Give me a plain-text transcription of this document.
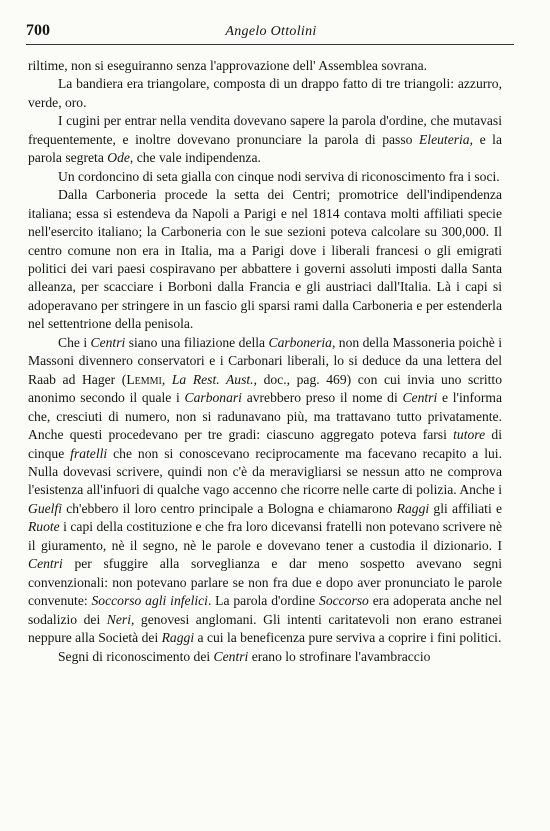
700	Angelo Ottolini

riltime, non si eseguiranno senza l'approvazione dell' Assemblea sovrana.

La bandiera era triangolare, composta di un drappo fatto di tre triangoli: azzurro, verde, oro.

I cugini per entrar nella vendita dovevano sapere la parola d'ordine, che mutavasi frequentemente, e inoltre dovevano pronunciare la parola di passo Eleuteria, e la parola segreta Ode, che vale indipendenza.

Un cordoncino di seta gialla con cinque nodi serviva di riconoscimento fra i soci.

Dalla Carboneria procede la setta dei Centri; promotrice dell'indipendenza italiana; essa si estendeva da Napoli a Parigi e nel 1814 contava molti affiliati specie nell'esercito italiano; la Carboneria con le sue sezioni poteva calcolare su 300,000. Il centro comune non era in Italia, ma a Parigi dove i liberali francesi o gli emigrati politici dei vari paesi cospiravano per abbattere i governi assoluti imposti dalla Santa alleanza, per scacciare i Borboni dalla Francia e gli austriaci dall'Italia. Là i capi si adoperavano per stringere in un fascio gli sparsi rami dalla Carboneria e per estenderla nel settentrione della penisola.

Che i Centri siano una filiazione della Carboneria, non della Massoneria poichè i Massoni divennero conservatori e i Carbonari liberali, lo si deduce da una lettera del Raab ad Hager (Lemmi, La Rest. Aust., doc., pag. 469) con cui invia uno scritto anonimo secondo il quale i Carbonari avrebbero preso il nome di Centri e l'informa che, cresciuti di numero, non si radunavano più, ma trattavano tutto privatamente. Anche questi procedevano per tre gradi: ciascuno aggregato poteva farsi tutore di cinque fratelli che non si conoscevano reciprocamente ma facevano recapito a lui. Nulla dovevasi scrivere, quindi non c'è da meravigliarsi se nessun atto ne comprova l'esistenza all'infuori di qualche vago accenno che ricorre nelle carte di polizia. Anche i Guelfi ch'ebbero il loro centro principale a Bologna e chiamarono Raggi gli affiliati e Ruote i capi della costituzione e che fra loro dicevansi fratelli non potevano scrivere nè il giuramento, nè il segno, nè le parole e dovevano tener a custodia il dizionario. I Centri per sfuggire alla sorveglianza e dar meno sospetto avevano segni convenzionali: non potevano parlare se non fra due e dopo aver pronunciato le parole convenute: Soccorso agli infelici. La parola d'ordine Soccorso era adoperata anche nel sodalizio dei Neri, genovesi anglomani. Gli intenti caritatevoli non erano estranei neppure alla Società dei Raggi a cui la beneficenza pure serviva a coprire i fini politici.

Segni di riconoscimento dei Centri erano lo strofinare l'avambraccio
